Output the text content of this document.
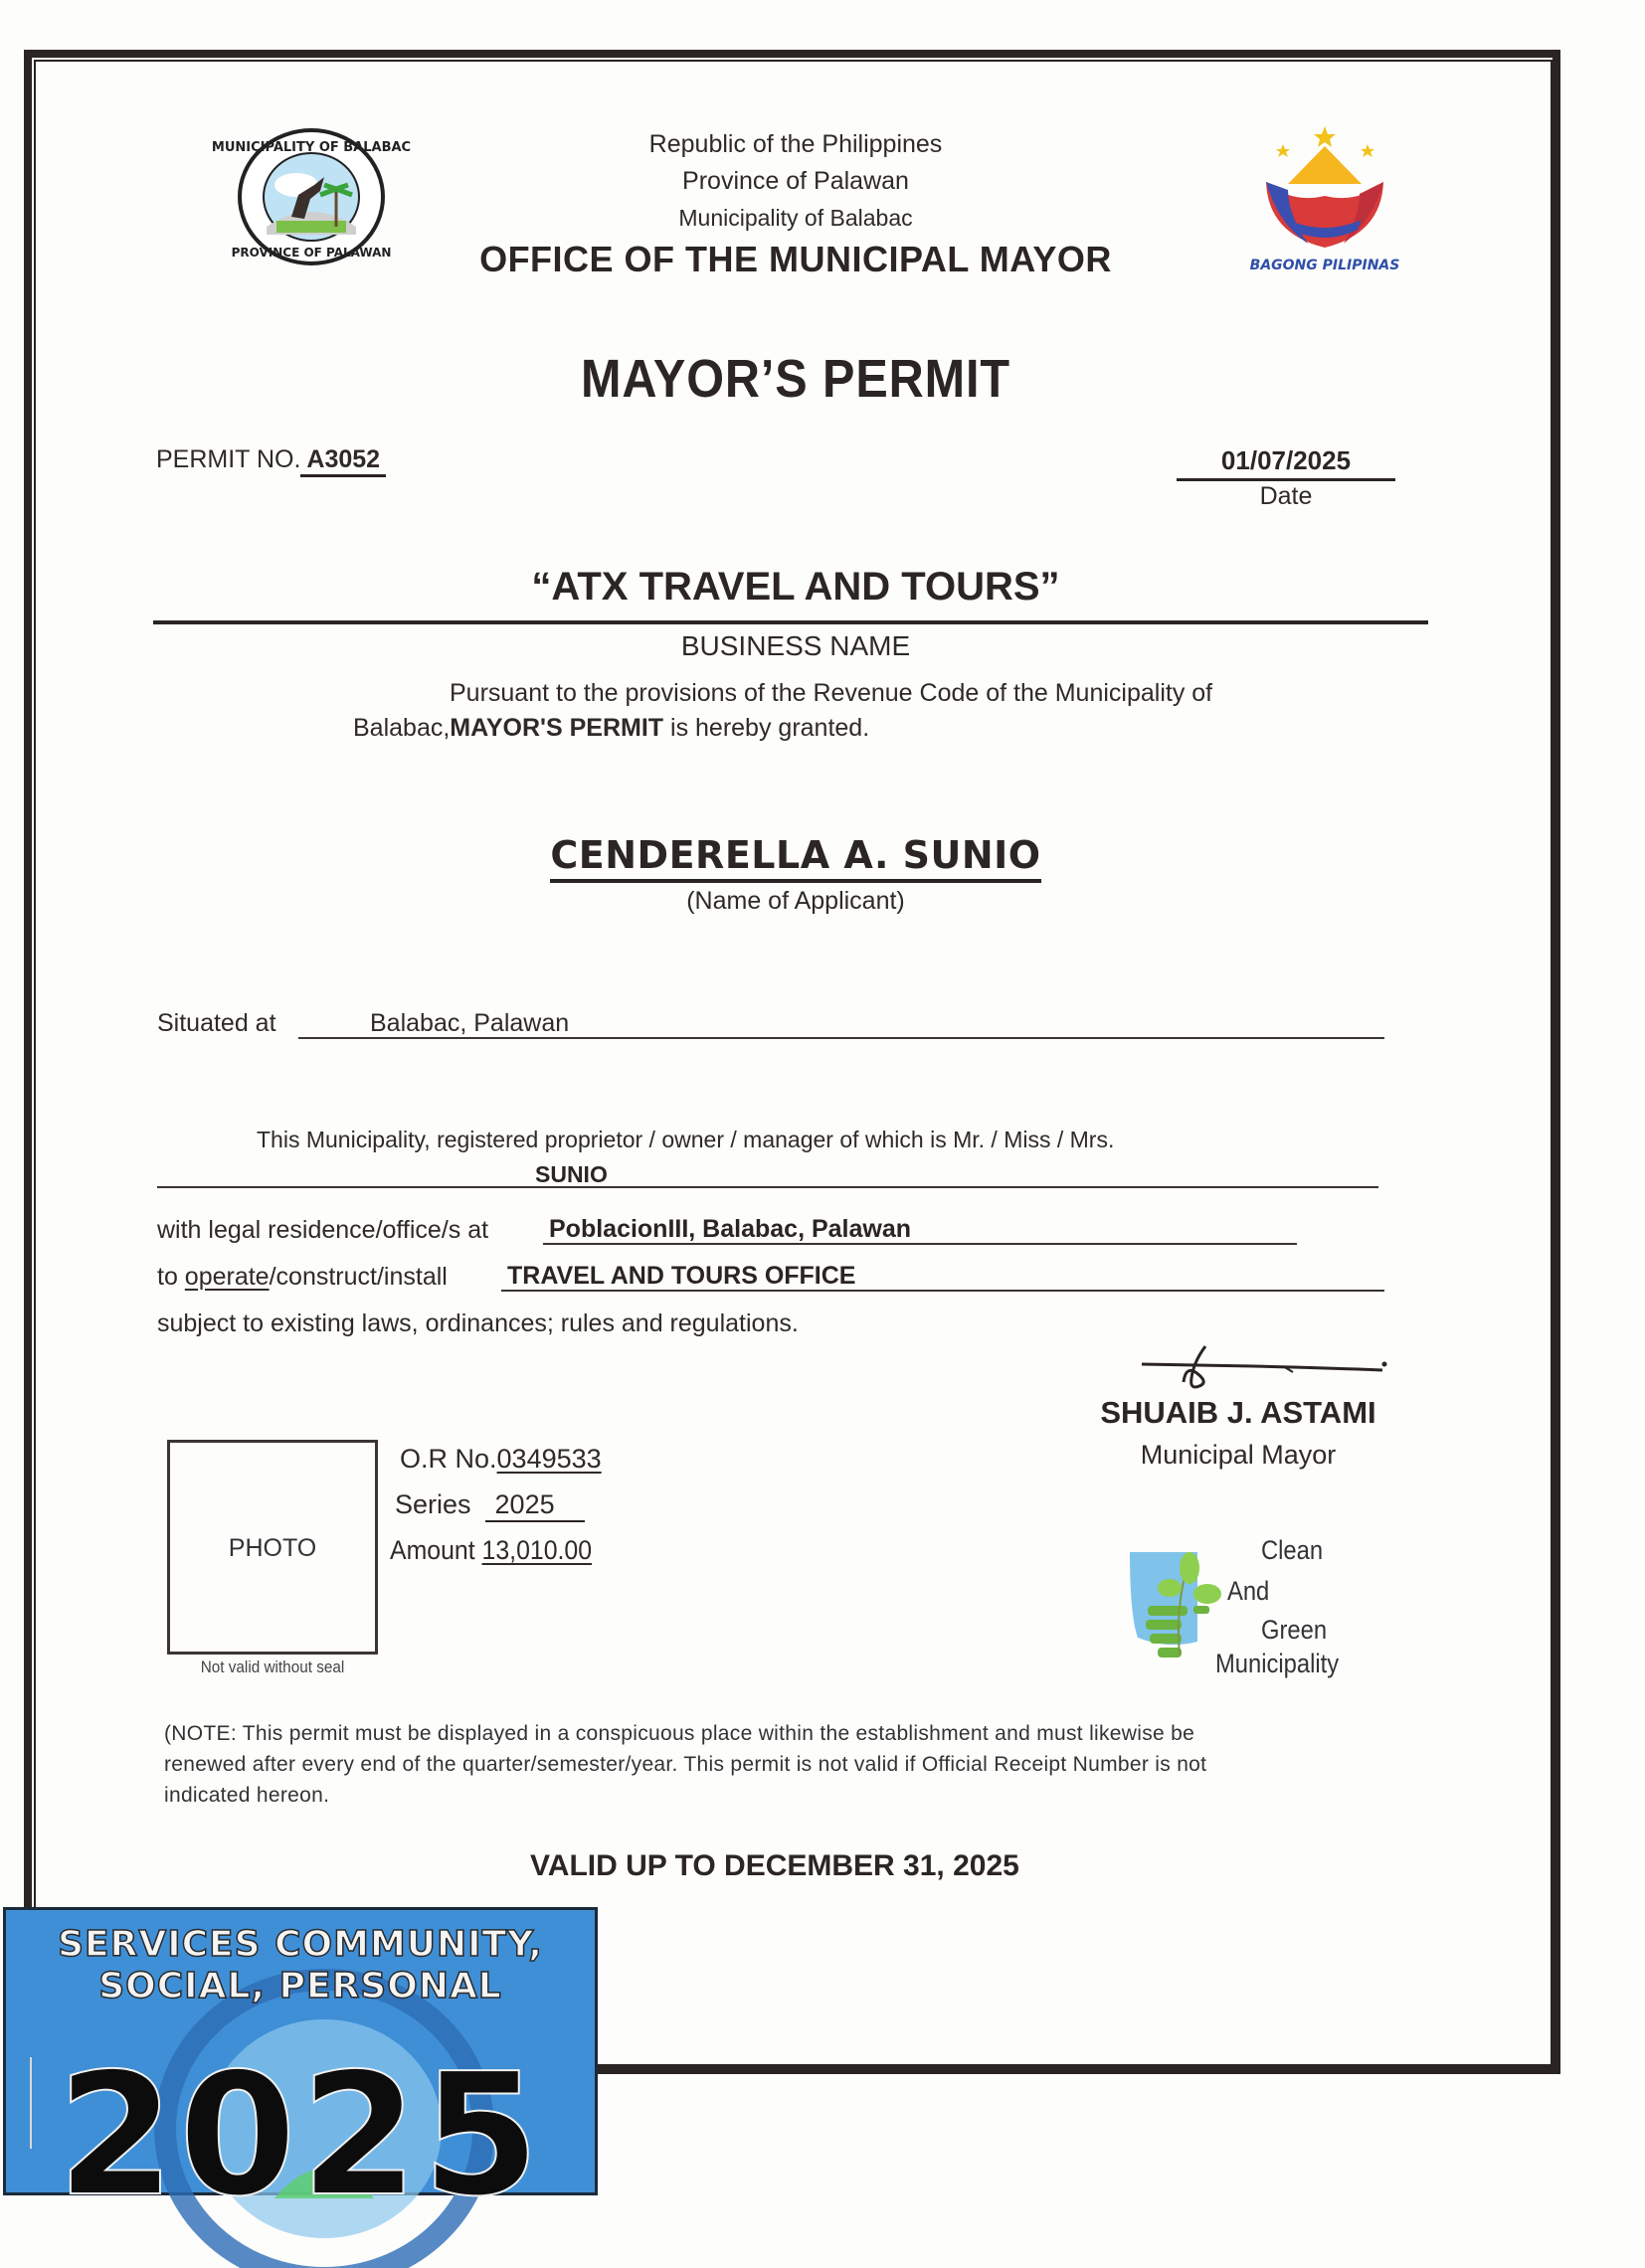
MUNICIPALITY OF BALABAC
PROVINCE OF PALAWAN
BAGONG PILIPINAS
Republic of the Philippines
Province of Palawan
Municipality of Balabac
OFFICE OF THE MUNICIPAL MAYOR
MAYOR’S PERMIT
PERMIT NO. A3052	01/07/2025
Date
“ATX TRAVEL AND TOURS”
BUSINESS NAME
Pursuant to the provisions of the Revenue Code of the Municipality of
Balabac,MAYOR'S PERMIT is hereby granted.
CENDERELLA A. SUNIO
(Name of Applicant)
Situated at	Balabac, Palawan
This Municipality, registered proprietor / owner / manager of which is Mr. / Miss / Mrs.
SUNIO
with legal residence/office/s at PoblacionIII, Balabac, Palawan
to operate/construct/install TRAVEL AND TOURS OFFICE
subject to existing laws, ordinances; rules and regulations.
SHUAIB J. ASTAMI
Municipal Mayor
PHOTO
Not valid without seal
O.R No.0349533
Series 2025
Amount 13,010.00	Clean
And
Green
Municipality
(NOTE: This permit must be displayed in a conspicuous place within the establishment and must likewise be
renewed after every end of the quarter/semester/year. This permit is not valid if Official Receipt Number is not
indicated hereon.
VALID UP TO DECEMBER 31, 2025
SERVICES COMMUNITY,
SOCIAL, PERSONAL
2025
